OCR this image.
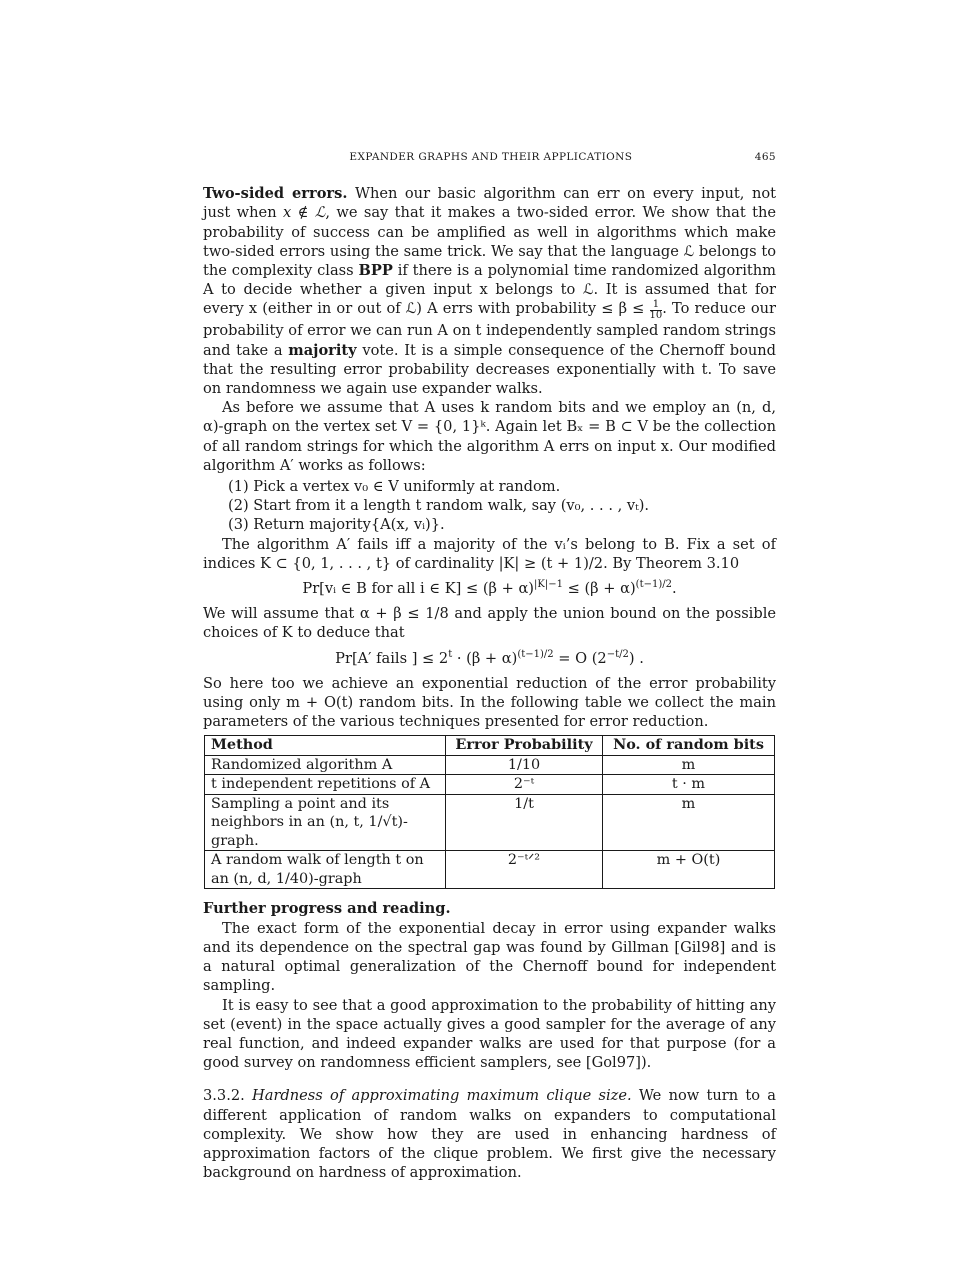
EXPANDER GRAPHS AND THEIR APPLICATIONS	465

Two-sided errors. When our basic algorithm can err on every input, not just when x ∉ ℒ, we say that it makes a two-sided error. We show that the probability of success can be amplified as well in algorithms which make two-sided errors using the same trick. We say that the language ℒ belongs to the complexity class BPP if there is a polynomial time randomized algorithm A to decide whether a given input x belongs to ℒ. It is assumed that for every x (either in or out of ℒ) A errs with probability ≤ $\beta \le \frac{1}{10}$ . To reduce our probability of error we can run A on t independently sampled random strings and take a majority vote. It is a simple consequence of the Chernoff bound that the resulting error probability decreases exponentially with t. To save on randomness we again use expander walks.

As before we assume that A uses k random bits and we employ an (n, d, α)-graph on the vertex set V = {0, 1}ᵏ. Again let Bₓ = B ⊂ V be the collection of all random strings for which the algorithm A errs on input x. Our modified algorithm A′ works as follows:

(1) Pick a vertex v₀ ∈ V uniformly at random.
(2) Start from it a length t random walk, say (v₀, . . . , vₜ).
(3) Return majority{A(x, vᵢ)}.

The algorithm A′ fails iff a majority of the vᵢ’s belong to B. Fix a set of indices K ⊂ {0, 1, . . . , t} of cardinality |K| ≥ (t + 1)/2. By Theorem 3.10

Pr[vᵢ ∈ B for all i ∈ $K] \le (\beta + \alpha)^{|K|-1} \le (\beta + \alpha)^{(t-1)/2}$.

We will assume that α + β ≤ 1/8 and apply the union bound on the possible choices of K to deduce that

Pr[A′ fails ] ≤ $2^t \cdot (\beta + \alpha)^{(t-1)/2} = O$ $(2^{-t/2})$ .

So here too we achieve an exponential reduction of the error probability using only m + O(t) random bits. In the following table we collect the main parameters of the various techniques presented for error reduction.

Method	Error Probability	No. of random bits
Randomized algorithm A	1/10	m
t independent repetitions of A	2⁻ᵗ	t · m
Sampling a point and its neighbors in an (n, t, 1/√t)-graph.	1/t	m
A random walk of length t on an (n, d, 1/40)-graph	2⁻ᵗᐟ²	m + O(t)

Further progress and reading.

The exact form of the exponential decay in error using expander walks and its dependence on the spectral gap was found by Gillman [Gil98] and is a natural optimal generalization of the Chernoff bound for independent sampling.

It is easy to see that a good approximation to the probability of hitting any set (event) in the space actually gives a good sampler for the average of any real function, and indeed expander walks are used for that purpose (for a good survey on randomness efficient samplers, see [Gol97]).

3.3.2. Hardness of approximating maximum clique size. We now turn to a different application of random walks on expanders to computational complexity. We show how they are used in enhancing hardness of approximation factors of the clique problem. We first give the necessary background on hardness of approximation.
